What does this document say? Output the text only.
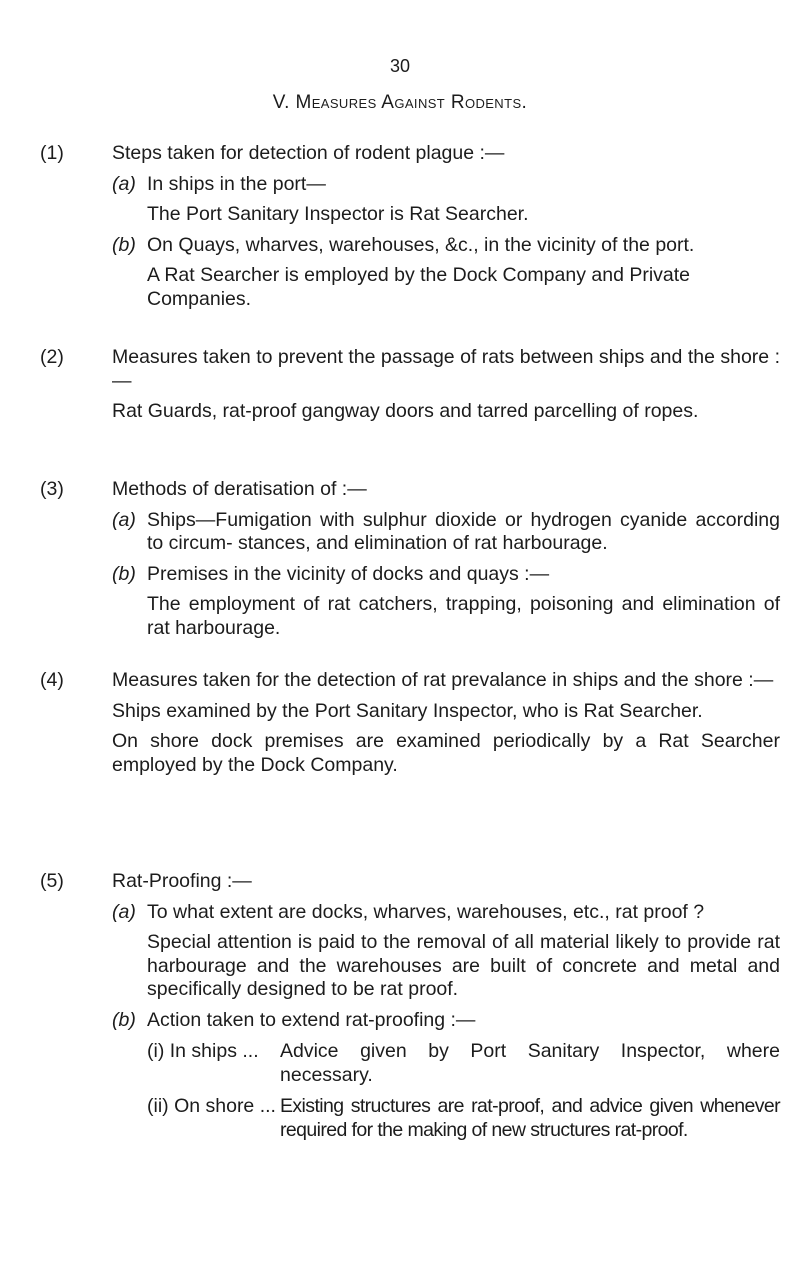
30
V. Measures Against Rodents.
(1) Steps taken for detection of rodent plague :—
(a) In ships in the port—
The Port Sanitary Inspector is Rat Searcher.
(b) On Quays, wharves, warehouses, &c., in the vicinity of the port.
A Rat Searcher is employed by the Dock Company and Private Companies.
(2) Measures taken to prevent the passage of rats between ships and the shore :—
Rat Guards, rat-proof gangway doors and tarred parcelling of ropes.
(3) Methods of deratisation of :—
(a) Ships—Fumigation with sulphur dioxide or hydrogen cyanide according to circum- stances, and elimination of rat harbourage.
(b) Premises in the vicinity of docks and quays :—
The employment of rat catchers, trapping, poisoning and elimination of rat harbourage.
(4) Measures taken for the detection of rat prevalance in ships and the shore :—
Ships examined by the Port Sanitary Inspector, who is Rat Searcher.
On shore dock premises are examined periodically by a Rat Searcher employed by the Dock Company.
(5) Rat-Proofing :—
(a) To what extent are docks, wharves, warehouses, etc., rat proof ?
Special attention is paid to the removal of all material likely to provide rat harbourage and the warehouses are built of concrete and metal and specifically designed to be rat proof.
(b) Action taken to extend rat-proofing :—
(i) In ships ... Advice given by Port Sanitary Inspector, where necessary.
(ii) On shore ... Existing structures are rat-proof, and advice given whenever required for the making of new structures rat-proof.
